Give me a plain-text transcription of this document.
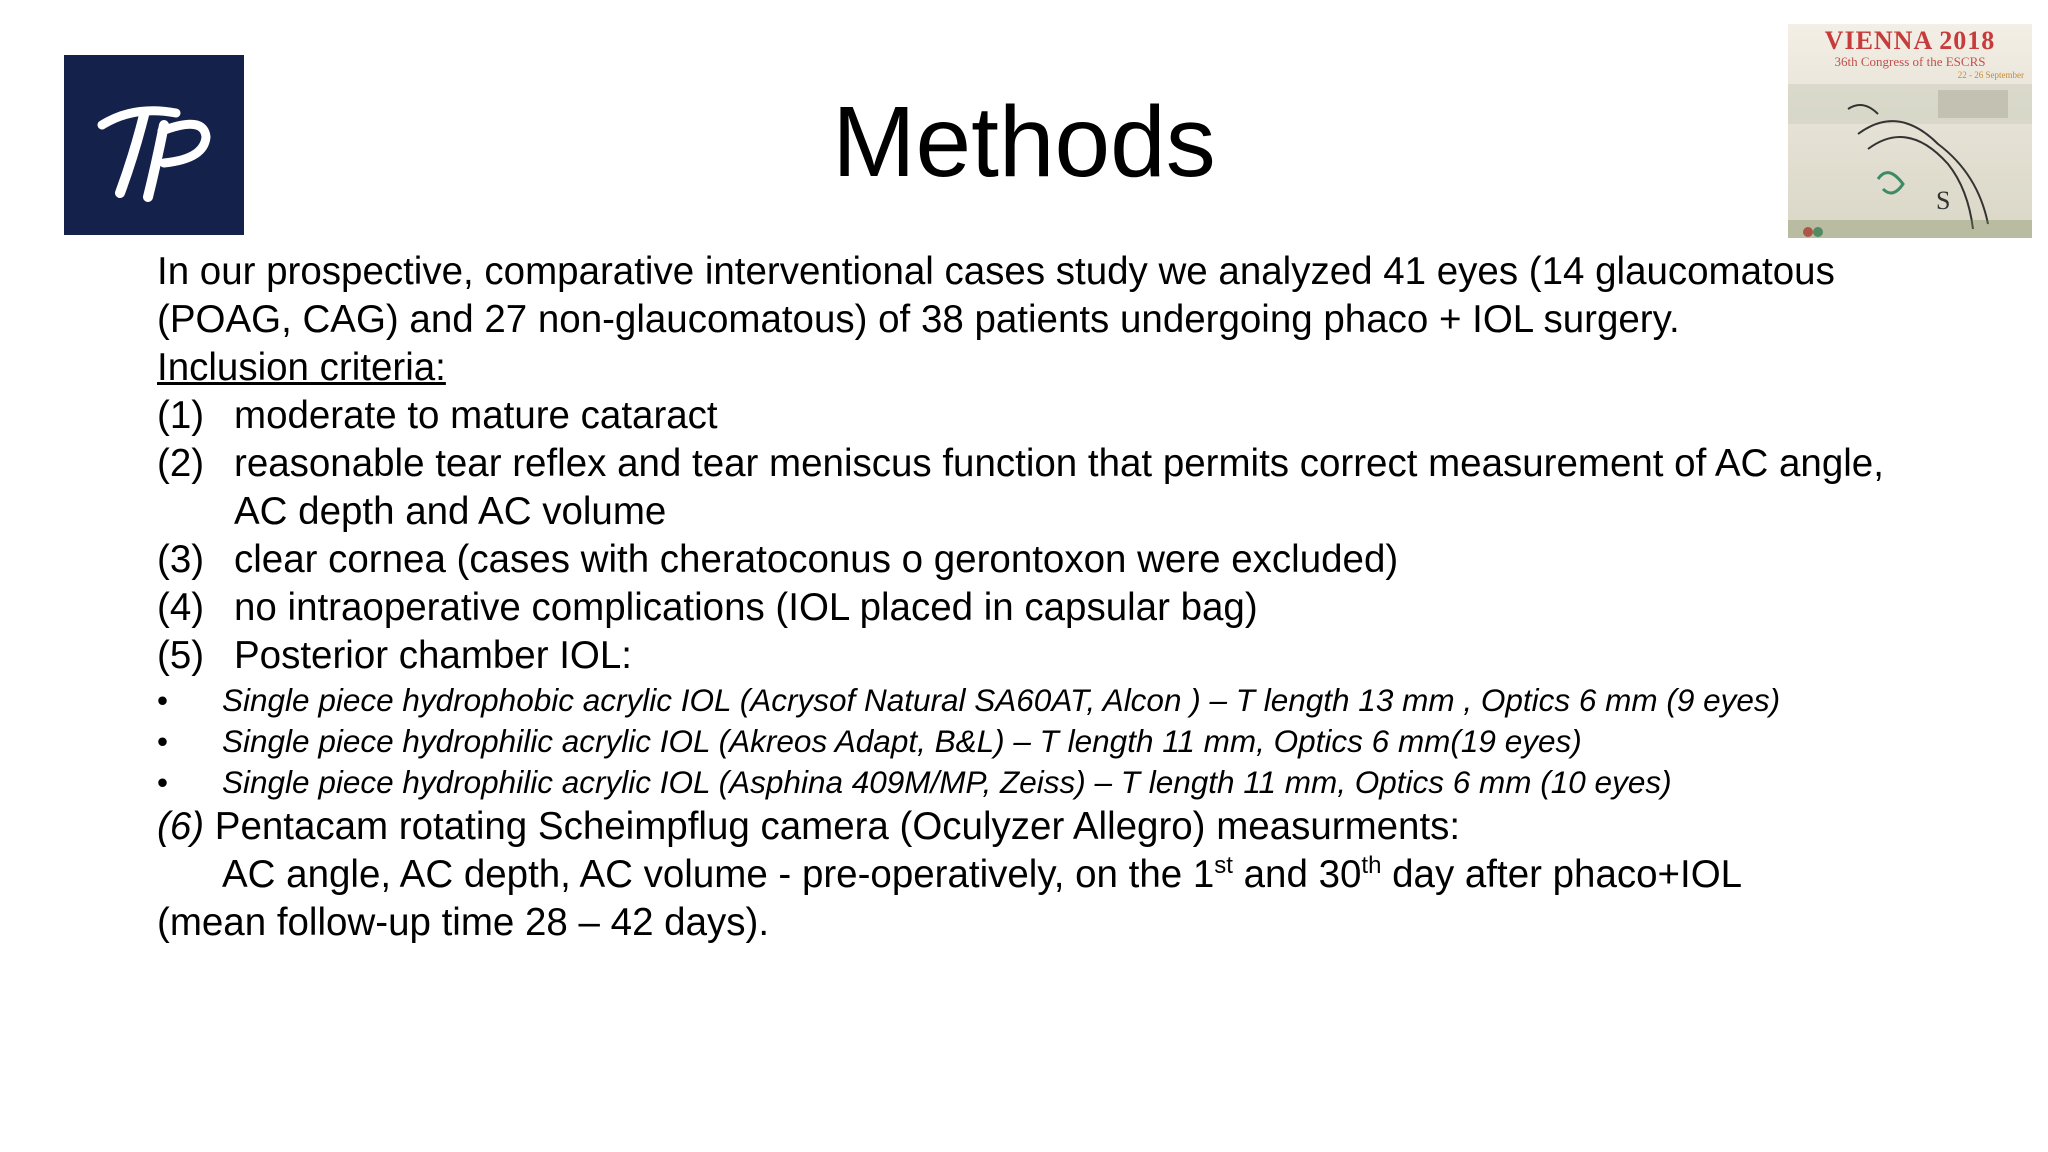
S
VIENNA 2018
36th Congress of the ESCRS
22 - 26 September
Methods

In our prospective, comparative interventional cases study we analyzed 41 eyes (14 glaucomatous

(POAG, CAG) and 27 non-glaucomatous) of 38 patients undergoing phaco + IOL surgery.

Inclusion criteria:

(1) moderate to mature cataract
(2) reasonable tear reflex and tear meniscus function that permits correct measurement of AC angle,

AC depth and AC volume

(3) clear cornea (cases with cheratoconus o gerontoxon were excluded)
(4) no intraoperative complications (IOL placed in capsular bag)
(5) Posterior chamber IOL:
•	Single piece hydrophobic acrylic IOL (Acrysof Natural SA60AT, Alcon ) – T length 13 mm , Optics 6 mm (9 eyes)
•	Single piece hydrophilic acrylic IOL (Akreos Adapt, B&L) – T length 11 mm, Optics 6 mm(19 eyes)
•	Single piece hydrophilic acrylic IOL (Asphina 409M/MP, Zeiss) – T length 11 mm, Optics 6 mm (10 eyes)

(6) Pentacam rotating Scheimpflug camera (Oculyzer Allegro) measurments:

AC angle, AC depth, AC volume - pre-operatively, on the 1st and 30th day after phaco+IOL

(mean follow-up time 28 – 42 days).
